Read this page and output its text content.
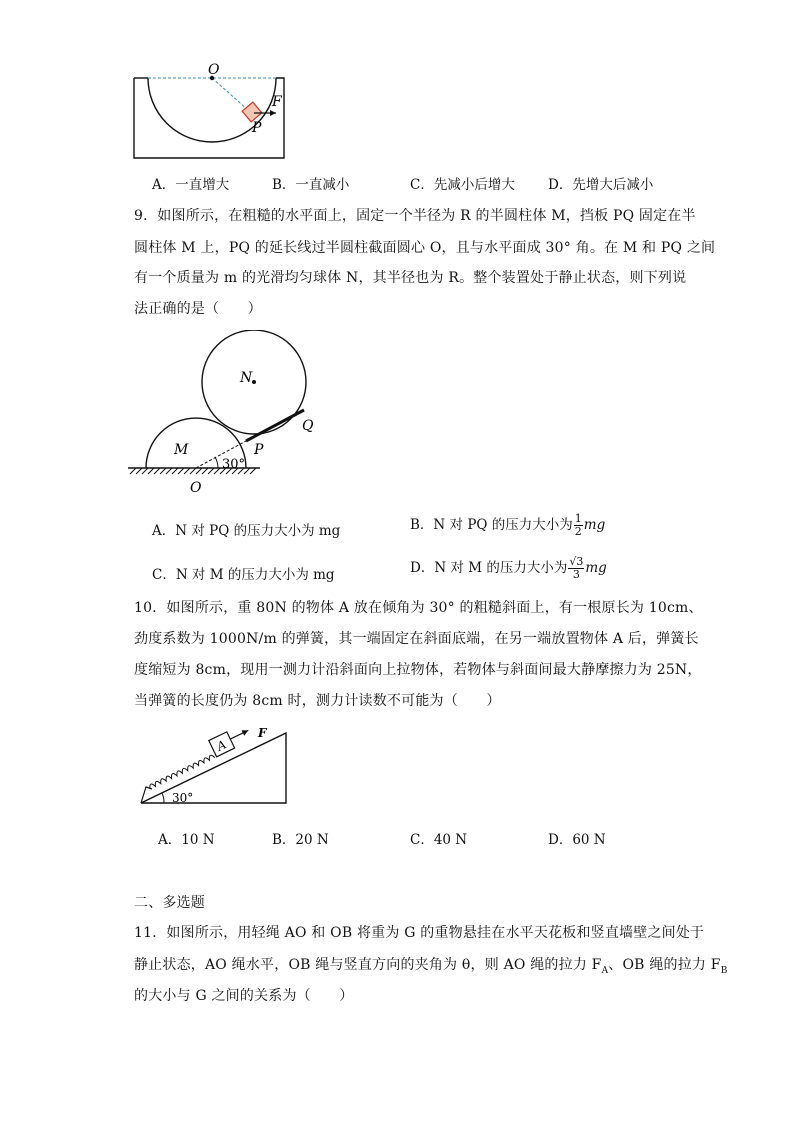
O
F
P
A．一直增大	B．一直减小	C．先减小后增大 D．先增大后减小
9．如图所示，在粗糙的水平面上，固定一个半径为 R 的半圆柱体 M，挡板 PQ 固定在半
圆柱体 M 上，PQ 的延长线过半圆柱截面圆心 O，且与水平面成 30° 角。在 M 和 PQ 之间
有一个质量为 m 的光滑均匀球体 N，其半径也为 R。整个装置处于静止状态，则下列说
法正确的是（　　）
N
M	P
Q
O
30°
A．N 对 PQ 的压力大小为 mg	B．N 对 PQ 的压力大小为 $\frac{1}{2}$ mg
C．N 对 M 的压力大小为 mg	D．N 对 M 的压力大小为 $\frac{√3}{3}$ mg
10．如图所示，重 80N 的物体 A 放在倾角为 30° 的粗糙斜面上，有一根原长为 10cm、
劲度系数为 1000N/m 的弹簧，其一端固定在斜面底端，在另一端放置物体 A 后，弹簧长
度缩短为 8cm，现用一测力计沿斜面向上拉物体，若物体与斜面间最大静摩擦力为 25N，
当弹簧的长度仍为 8cm 时，测力计读数不可能为（　　）
A
F
30°
A．10 N	B．20 N	C．40 N	D．60 N
二、多选题
11．如图所示，用轻绳 AO 和 OB 将重为 G 的重物悬挂在水平天花板和竖直墙壁之间处于
静止状态，AO 绳水平，OB 绳与竖直方向的夹角为 θ，则 AO 绳的拉力 $F_A$、OB 绳的拉力 $F_B$
的大小与 G 之间的关系为（　　）
